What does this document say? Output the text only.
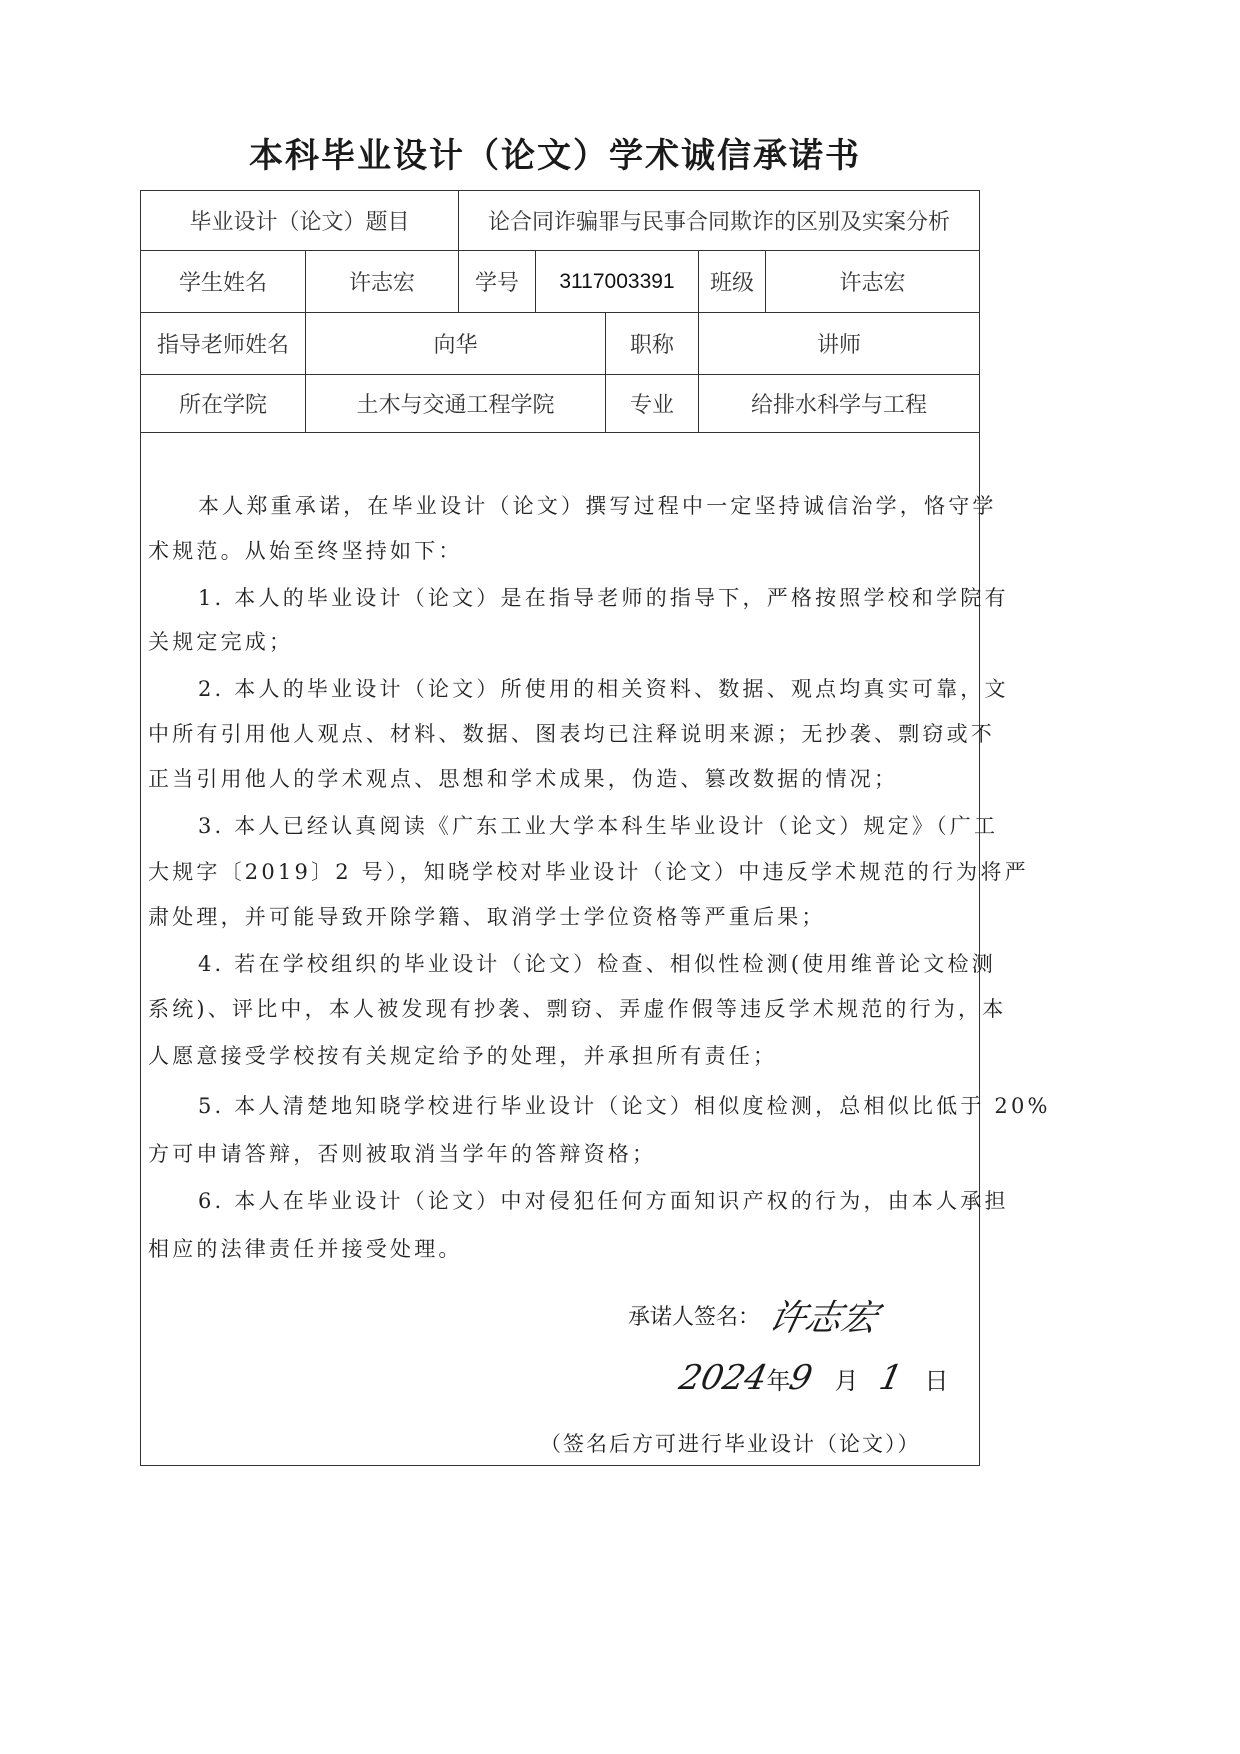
本科毕业设计（论文）学术诚信承诺书
毕业设计（论文）题目	论合同诈骗罪与民事合同欺诈的区别及实案分析
学生姓名	许志宏	学号	3117003391	班级	许志宏
指导老师姓名	向华	职称	讲师
所在学院	土木与交通工程学院	专业	给排水科学与工程
本人郑重承诺，在毕业设计（论文）撰写过程中一定坚持诚信治学，恪守学
术规范。从始至终坚持如下：
1. 本人的毕业设计（论文）是在指导老师的指导下，严格按照学校和学院有
关规定完成；
2. 本人的毕业设计（论文）所使用的相关资料、数据、观点均真实可靠，文
中所有引用他人观点、材料、数据、图表均已注释说明来源；无抄袭、剽窃或不
正当引用他人的学术观点、思想和学术成果，伪造、篡改数据的情况；
3. 本人已经认真阅读《广东工业大学本科生毕业设计（论文）规定》（广工
大规字〔2019〕2 号），知晓学校对毕业设计（论文）中违反学术规范的行为将严
肃处理，并可能导致开除学籍、取消学士学位资格等严重后果；
4. 若在学校组织的毕业设计（论文）检查、相似性检测(使用维普论文检测
系统)、评比中，本人被发现有抄袭、剽窃、弄虚作假等违反学术规范的行为，本
人愿意接受学校按有关规定给予的处理，并承担所有责任；
5. 本人清楚地知晓学校进行毕业设计（论文）相似度检测，总相似比低于 20%
方可申请答辩，否则被取消当学年的答辩资格；
6. 本人在毕业设计（论文）中对侵犯任何方面知识产权的行为，由本人承担
相应的法律责任并接受处理。
承诺人签名： 许志宏
2024年
9 月 1 日
（签名后方可进行毕业设计（论文））
